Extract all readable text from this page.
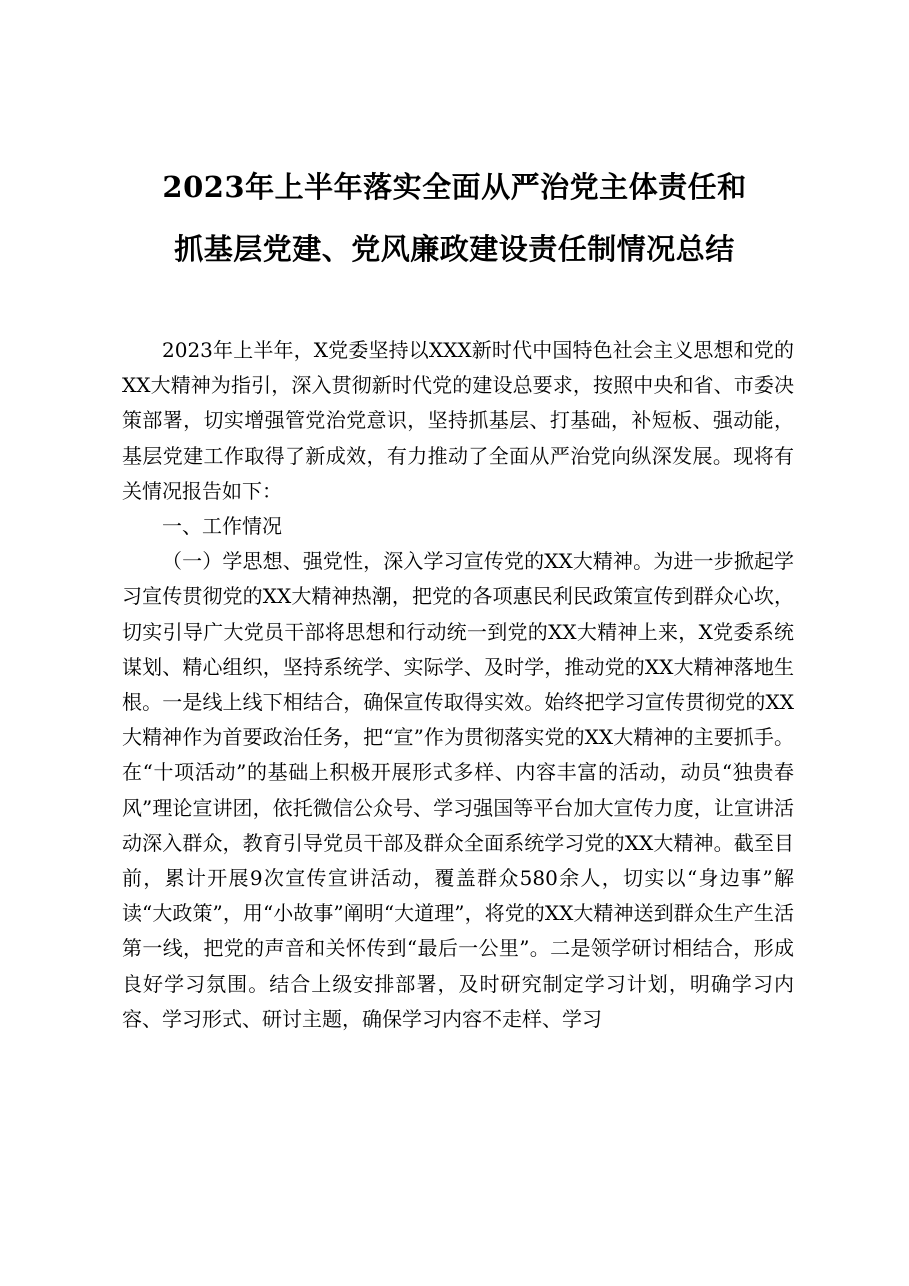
2023年上半年落实全面从严治党主体责任和
抓基层党建、党风廉政建设责任制情况总结

2023年上半年，X党委坚持以XXX新时代中国特色社会主义思想和党的XX大精神为指引，深入贯彻新时代党的建设总要求，按照中央和省、市委决策部署，切实增强管党治党意识，坚持抓基层、打基础，补短板、强动能，基层党建工作取得了新成效，有力推动了全面从严治党向纵深发展。现将有关情况报告如下：

一、工作情况

（一）学思想、强党性，深入学习宣传党的XX大精神。为进一步掀起学习宣传贯彻党的XX大精神热潮，把党的各项惠民利民政策宣传到群众心坎，切实引导广大党员干部将思想和行动统一到党的XX大精神上来，X党委系统谋划、精心组织，坚持系统学、实际学、及时学，推动党的XX大精神落地生根。一是线上线下相结合，确保宣传取得实效。始终把学习宣传贯彻党的XX大精神作为首要政治任务，把“宣”作为贯彻落实党的XX大精神的主要抓手。在“十项活动”的基础上积极开展形式多样、内容丰富的活动，动员“独贵春风”理论宣讲团，依托微信公众号、学习强国等平台加大宣传力度，让宣讲活动深入群众，教育引导党员干部及群众全面系统学习党的XX大精神。截至目前，累计开展9次宣传宣讲活动，覆盖群众580余人，切实以“身边事”解读“大政策”，用“小故事”阐明“大道理”，将党的XX大精神送到群众生产生活第一线，把党的声音和关怀传到“最后一公里”。二是领学研讨相结合，形成良好学习氛围。结合上级安排部署，及时研究制定学习计划，明确学习内容、学习形式、研讨主题，确保学习内容不走样、学习
